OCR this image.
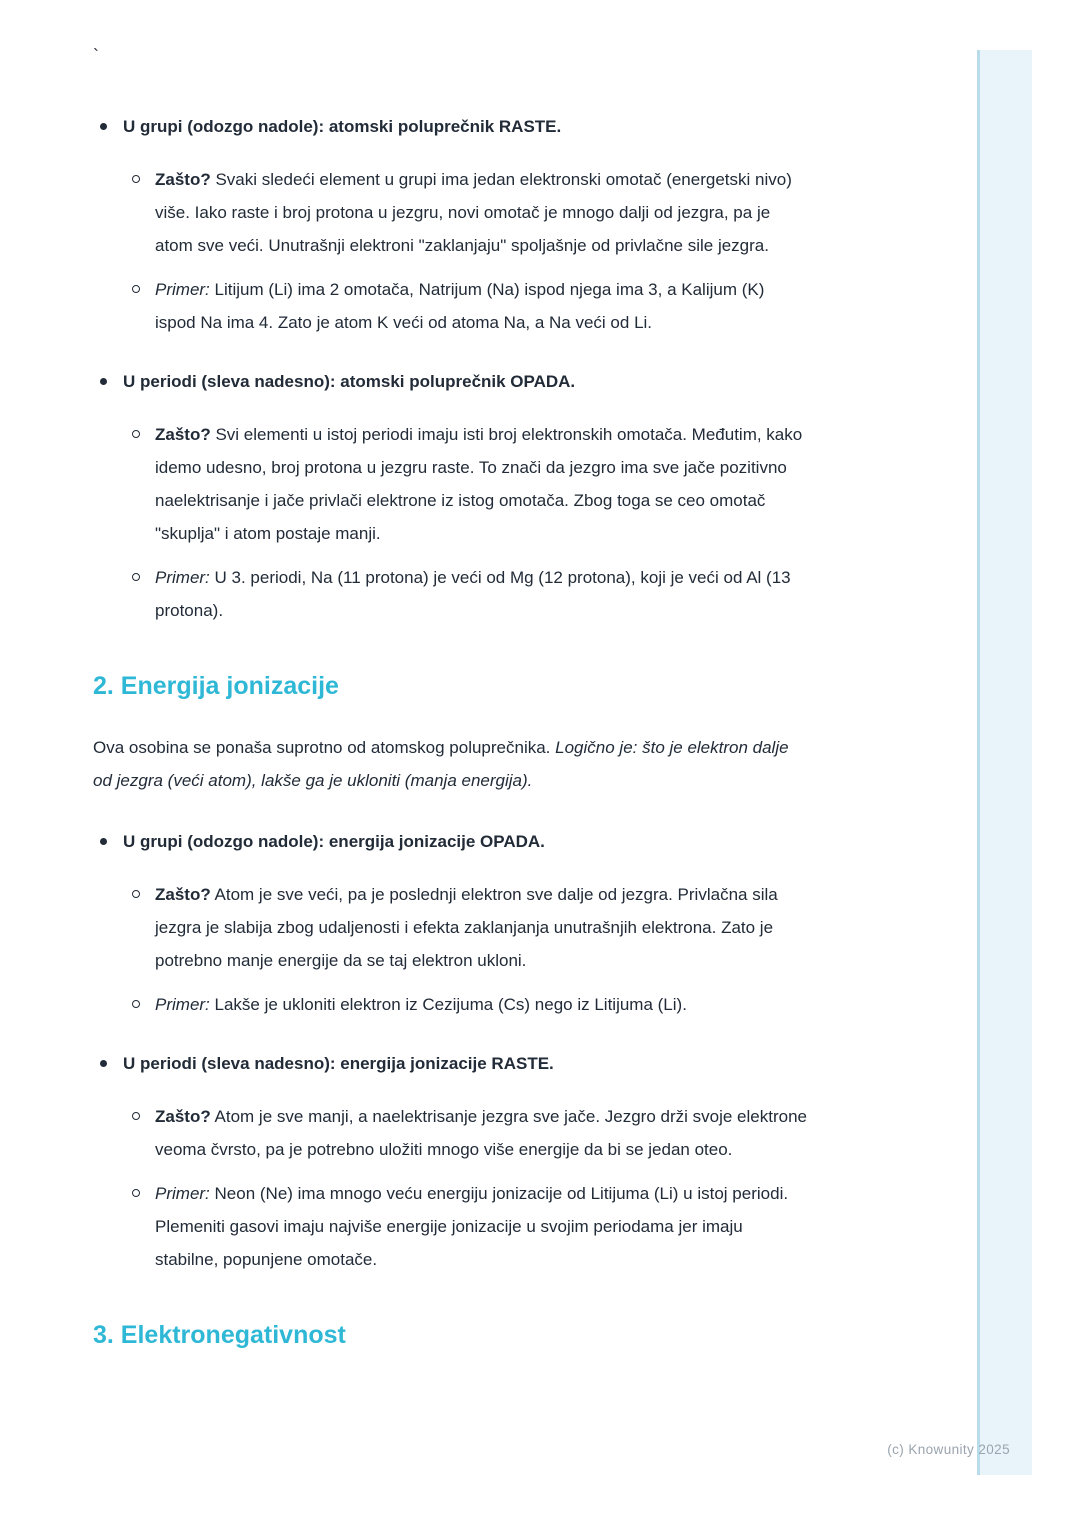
`
(c) Knowunity 2025

U grupi (odozgo nadole): atomski poluprečnik RASTE.

Zašto? Svaki sledeći element u grupi ima jedan elektronski omotač (energetski nivo) više. Iako raste i broj protona u jezgru, novi omotač je mnogo dalji od jezgra, pa je atom sve veći. Unutrašnji elektroni "zaklanjaju" spoljašnje od privlačne sile jezgra.

Primer: Litijum (Li) ima 2 omotača, Natrijum (Na) ispod njega ima 3, a Kalijum (K) ispod Na ima 4. Zato je atom K veći od atoma Na, a Na veći od Li.

U periodi (sleva nadesno): atomski poluprečnik OPADA.

Zašto? Svi elementi u istoj periodi imaju isti broj elektronskih omotača. Međutim, kako idemo udesno, broj protona u jezgru raste. To znači da jezgro ima sve jače pozitivno naelektrisanje i jače privlači elektrone iz istog omotača. Zbog toga se ceo omotač "skuplja" i atom postaje manji.

Primer: U 3. periodi, Na (11 protona) je veći od Mg (12 protona), koji je veći od Al (13 protona).

2. Energija jonizacije

Ova osobina se ponaša suprotno od atomskog poluprečnika. Logično je: što je elektron dalje od jezgra (veći atom), lakše ga je ukloniti (manja energija).

U grupi (odozgo nadole): energija jonizacije OPADA.

Zašto? Atom je sve veći, pa je poslednji elektron sve dalje od jezgra. Privlačna sila jezgra je slabija zbog udaljenosti i efekta zaklanjanja unutrašnjih elektrona. Zato je potrebno manje energije da se taj elektron ukloni.

Primer: Lakše je ukloniti elektron iz Cezijuma (Cs) nego iz Litijuma (Li).

U periodi (sleva nadesno): energija jonizacije RASTE.

Zašto? Atom je sve manji, a naelektrisanje jezgra sve jače. Jezgro drži svoje elektrone veoma čvrsto, pa je potrebno uložiti mnogo više energije da bi se jedan oteo.

Primer: Neon (Ne) ima mnogo veću energiju jonizacije od Litijuma (Li) u istoj periodi. Plemeniti gasovi imaju najviše energije jonizacije u svojim periodama jer imaju stabilne, popunjene omotače.

3. Elektronegativnost
